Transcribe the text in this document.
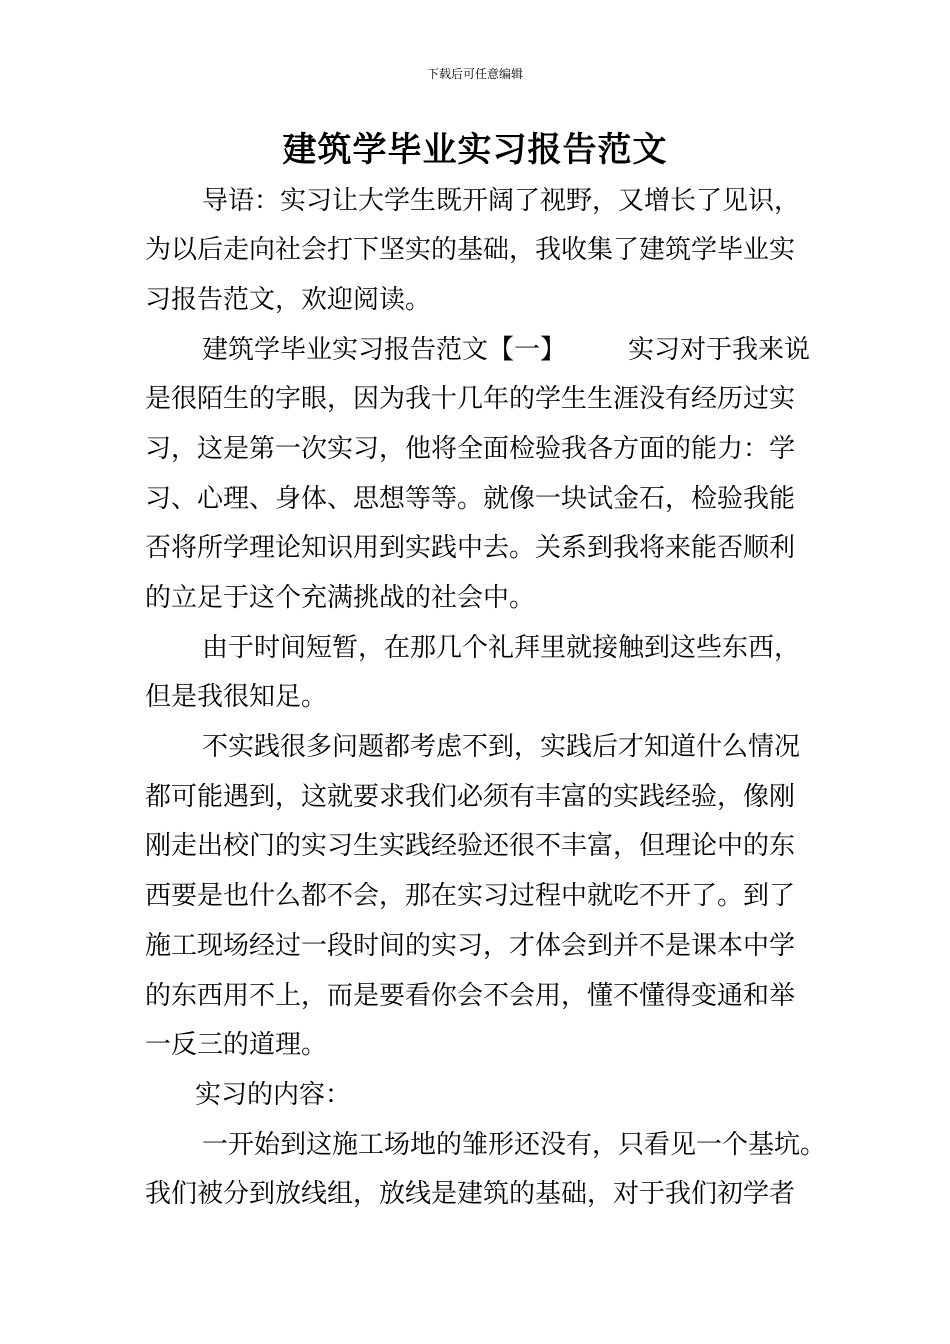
下载后可任意编辑
建筑学毕业实习报告范文
导语：实习让大学生既开阔了视野，又增长了见识，
为以后走向社会打下坚实的基础，我收集了建筑学毕业实
习报告范文，欢迎阅读。
建筑学毕业实习报告范文【一】 实习对于我来说
是很陌生的字眼，因为我十几年的学生生涯没有经历过实
习，这是第一次实习，他将全面检验我各方面的能力：学
习、心理、身体、思想等等。就像一块试金石，检验我能
否将所学理论知识用到实践中去。关系到我将来能否顺利
的立足于这个充满挑战的社会中。
由于时间短暂，在那几个礼拜里就接触到这些东西，
但是我很知足。
不实践很多问题都考虑不到，实践后才知道什么情况
都可能遇到，这就要求我们必须有丰富的实践经验，像刚
刚走出校门的实习生实践经验还很不丰富，但理论中的东
西要是也什么都不会，那在实习过程中就吃不开了。到了
施工现场经过一段时间的实习，才体会到并不是课本中学
的东西用不上，而是要看你会不会用，懂不懂得变通和举
一反三的道理。
实习的内容：
一开始到这施工场地的雏形还没有，只看见一个基坑。
我们被分到放线组，放线是建筑的基础，对于我们初学者
